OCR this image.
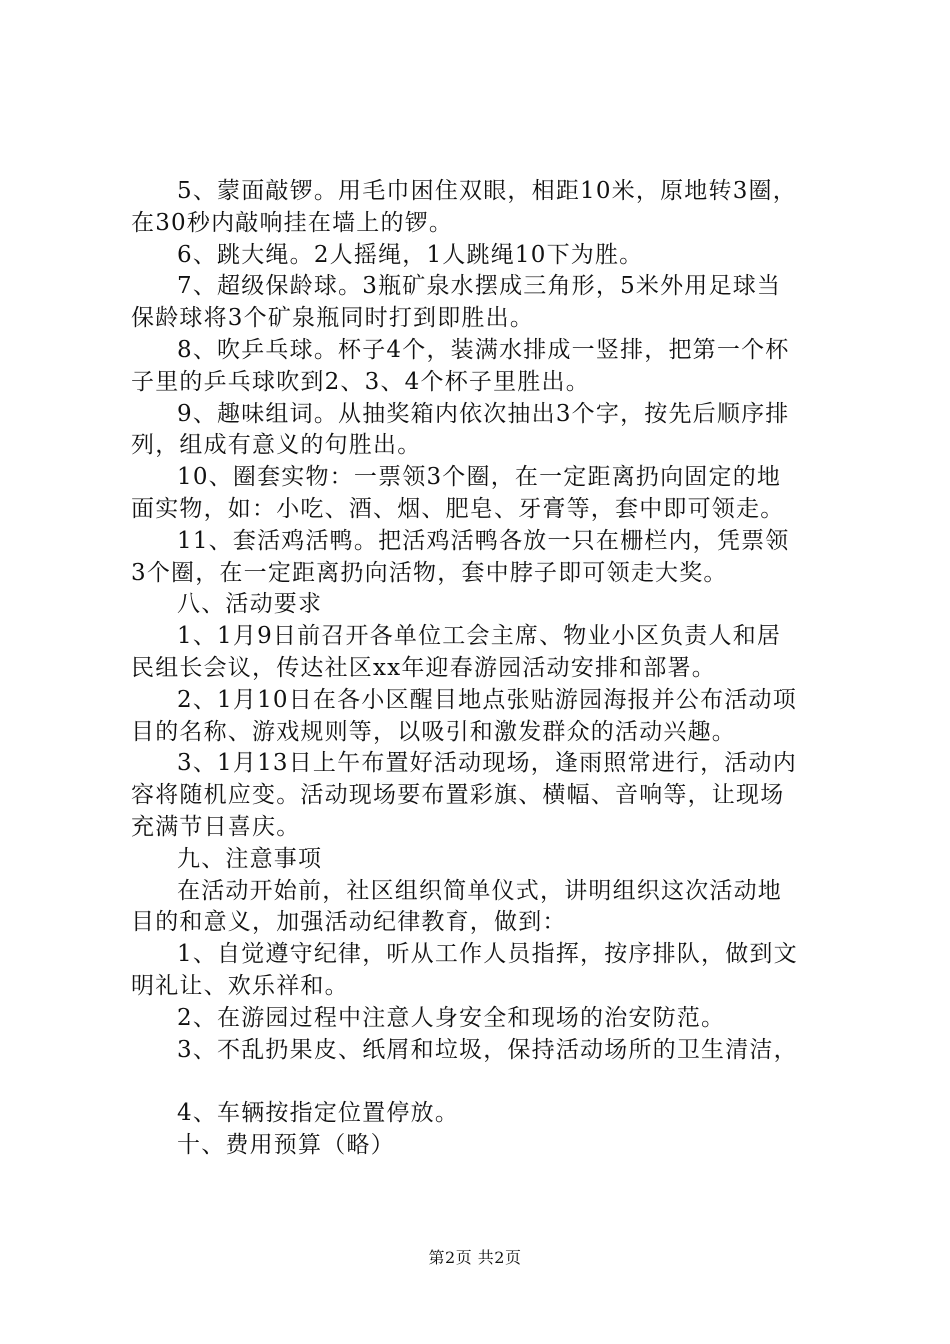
5、蒙面敲锣。用毛巾困住双眼，相距10米，原地转3圈，
在30秒内敲响挂在墙上的锣。
6、跳大绳。2人摇绳，1人跳绳10下为胜。
7、超级保龄球。3瓶矿泉水摆成三角形，5米外用足球当
保龄球将3个矿泉瓶同时打到即胜出。
8、吹乒乓球。杯子4个，装满水排成一竖排，把第一个杯
子里的乒乓球吹到2、3、4个杯子里胜出。
9、趣味组词。从抽奖箱内依次抽出3个字，按先后顺序排
列，组成有意义的句胜出。
10、圈套实物：一票领3个圈，在一定距离扔向固定的地
面实物，如：小吃、酒、烟、肥皂、牙膏等，套中即可领走。
11、套活鸡活鸭。把活鸡活鸭各放一只在栅栏内，凭票领
3个圈，在一定距离扔向活物，套中脖子即可领走大奖。
八、活动要求
1、1月9日前召开各单位工会主席、物业小区负责人和居
民组长会议，传达社区xx年迎春游园活动安排和部署。
2、1月10日在各小区醒目地点张贴游园海报并公布活动项
目的名称、游戏规则等，以吸引和激发群众的活动兴趣。
3、1月13日上午布置好活动现场，逢雨照常进行，活动内
容将随机应变。活动现场要布置彩旗、横幅、音响等，让现场
充满节日喜庆。
九、注意事项
在活动开始前，社区组织简单仪式，讲明组织这次活动地
目的和意义，加强活动纪律教育，做到：
1、自觉遵守纪律，听从工作人员指挥，按序排队，做到文
明礼让、欢乐祥和。
2、在游园过程中注意人身安全和现场的治安防范。
3、不乱扔果皮、纸屑和垃圾，保持活动场所的卫生清洁，
4、车辆按指定位置停放。
十、费用预算（略）
第2页 共2页
